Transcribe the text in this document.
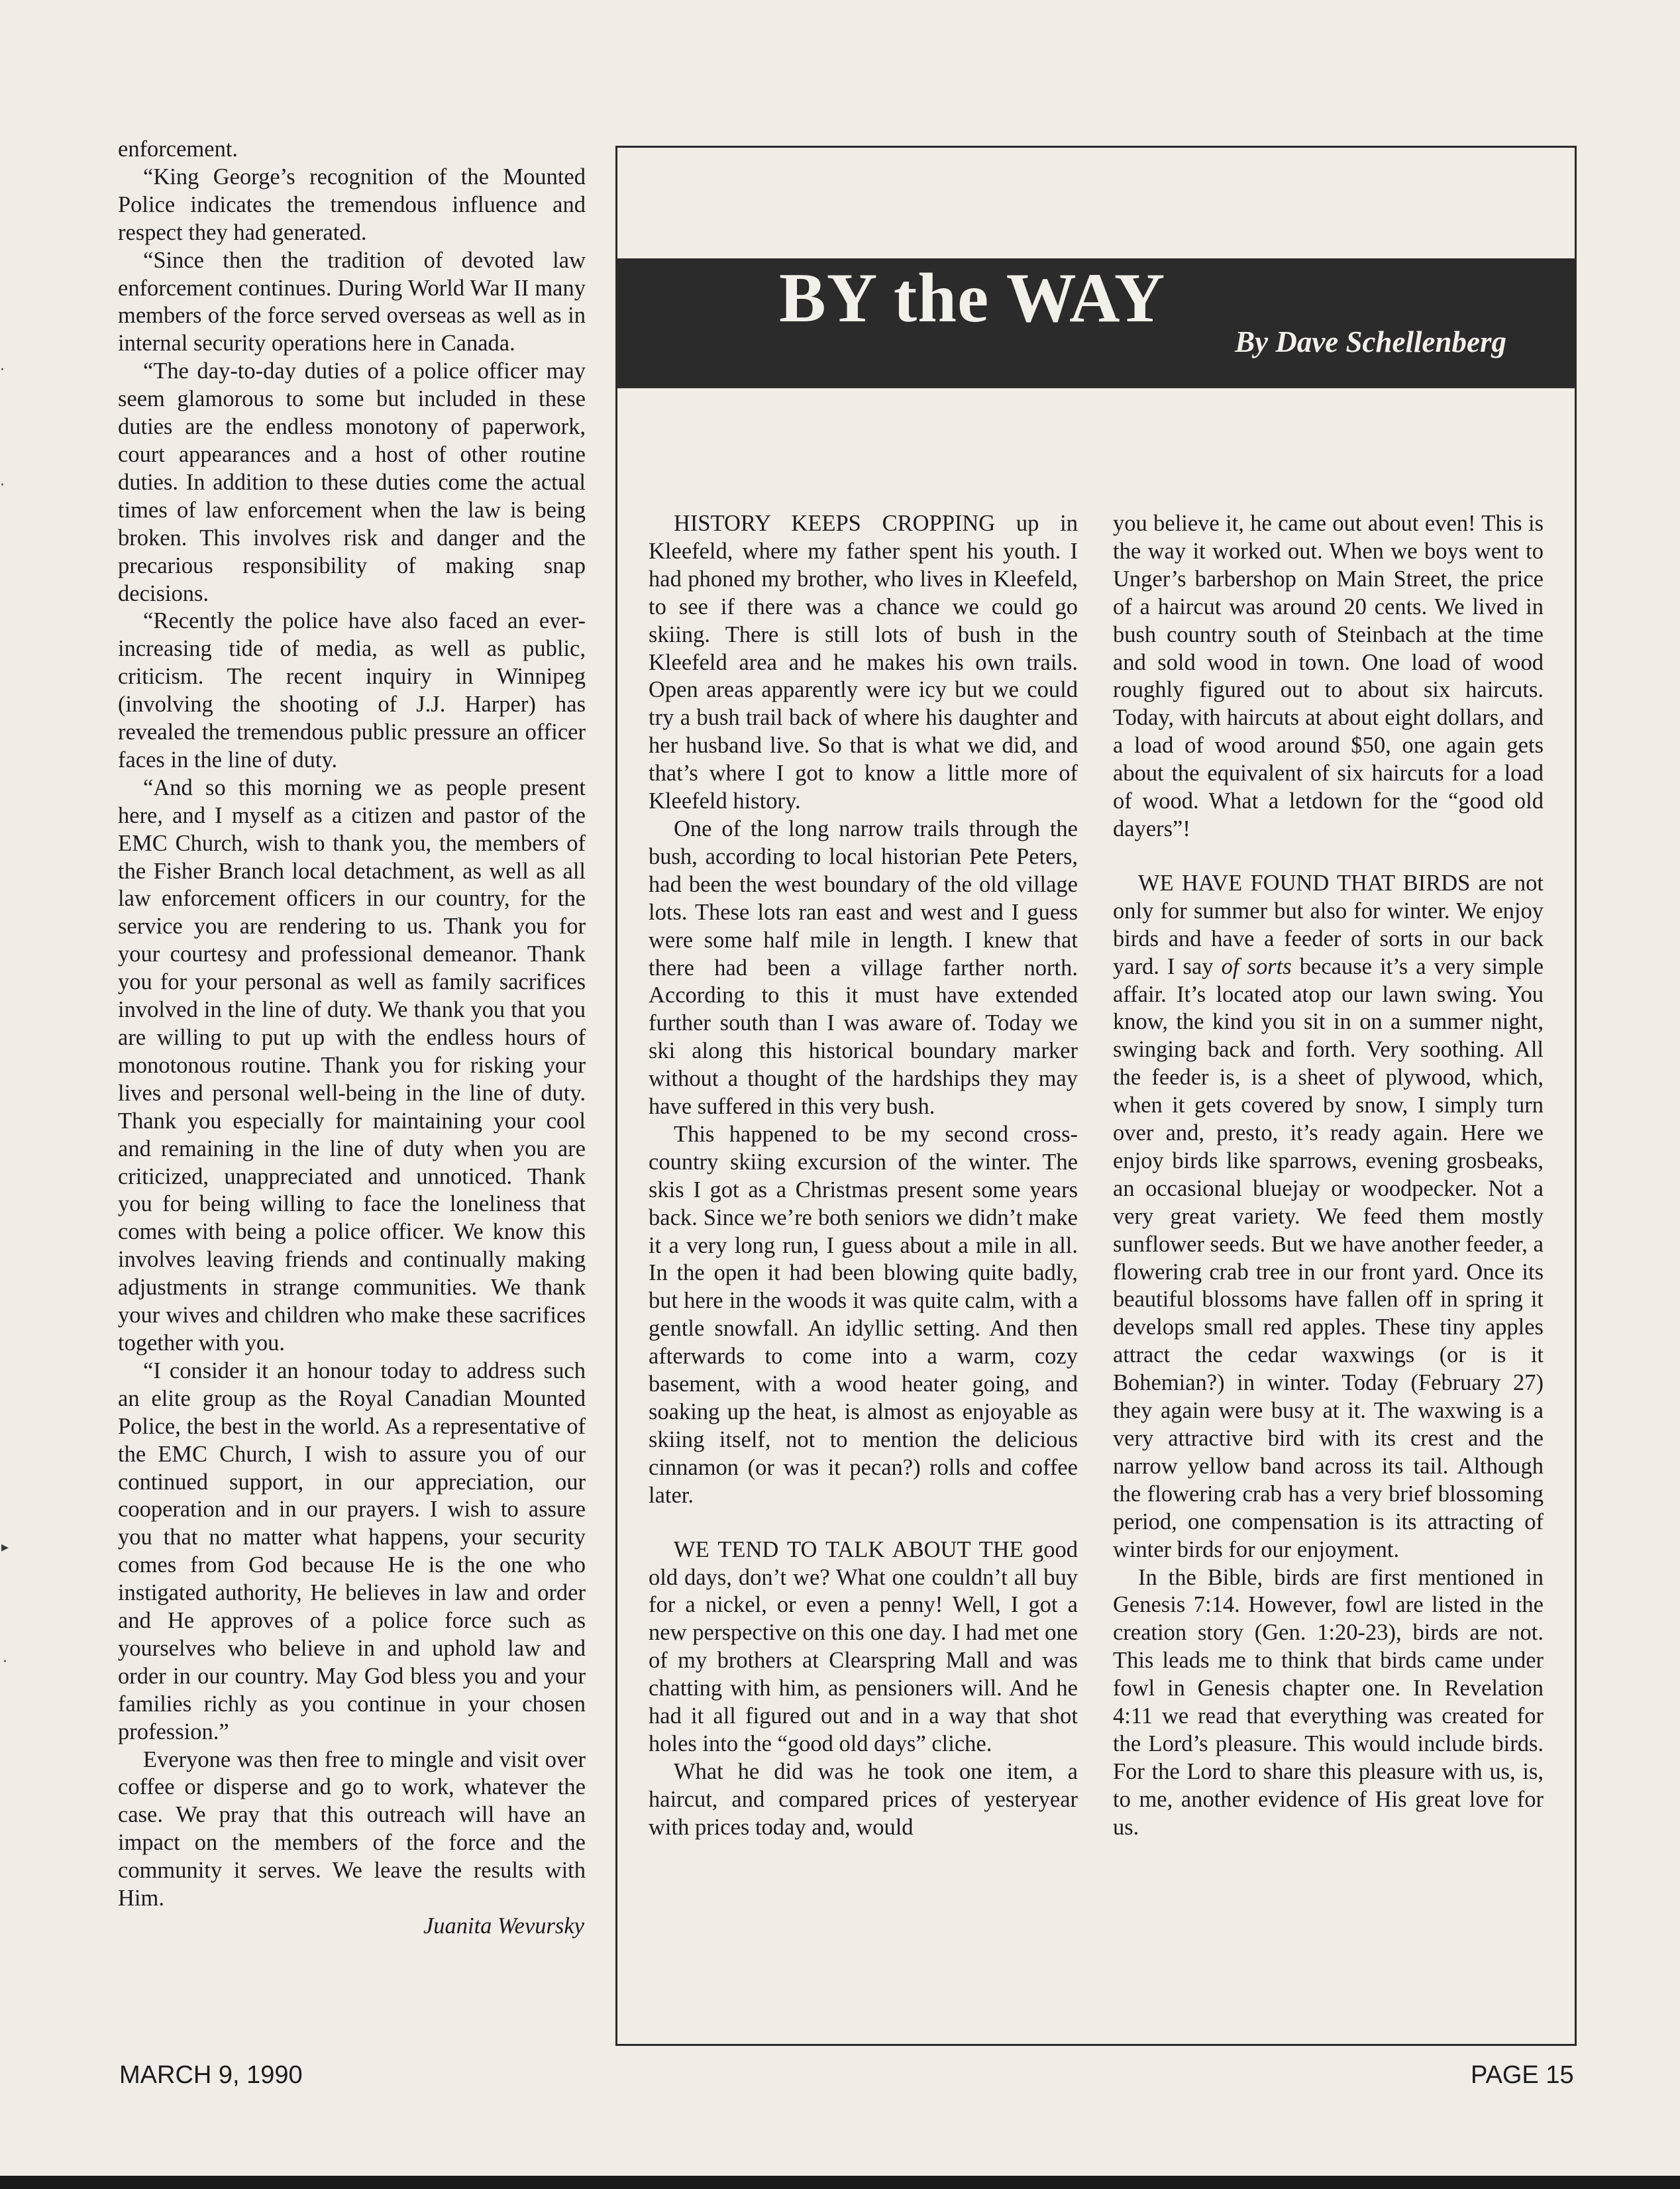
enforcement.

“King George’s recognition of the Mounted Police indicates the tremendous influence and respect they had generated.

“Since then the tradition of devoted law enforcement continues. During World War II many members of the force served overseas as well as in internal security operations here in Canada.

“The day-to-day duties of a police officer may seem glamorous to some but included in these duties are the endless monotony of paperwork, court appearances and a host of other routine duties. In addition to these duties come the actual times of law enforcement when the law is being broken. This involves risk and danger and the precarious responsibility of making snap decisions.

“Recently the police have also faced an ever-increasing tide of media, as well as public, criticism. The recent inquiry in Winnipeg (involving the shooting of J.J. Harper) has revealed the tremendous public pressure an officer faces in the line of duty.

“And so this morning we as people present here, and I myself as a citizen and pastor of the EMC Church, wish to thank you, the members of the Fisher Branch local detachment, as well as all law enforcement officers in our country, for the service you are rendering to us. Thank you for your courtesy and professional demeanor. Thank you for your personal as well as family sacrifices involved in the line of duty. We thank you that you are willing to put up with the endless hours of monotonous routine. Thank you for risking your lives and personal well-being in the line of duty. Thank you especially for maintaining your cool and remaining in the line of duty when you are criticized, unappreciated and unnoticed. Thank you for being willing to face the loneliness that comes with being a police officer. We know this involves leaving friends and continually making adjustments in strange communities. We thank your wives and children who make these sacrifices together with you.

“I consider it an honour today to address such an elite group as the Royal Canadian Mounted Police, the best in the world. As a representative of the EMC Church, I wish to assure you of our continued support, in our appreciation, our cooperation and in our prayers. I wish to assure you that no matter what happens, your security comes from God because He is the one who instigated authority, He believes in law and order and He approves of a police force such as yourselves who believe in and uphold law and order in our country. May God bless you and your families richly as you continue in your chosen profession.”

Everyone was then free to mingle and visit over coffee or disperse and go to work, whatever the case. We pray that this outreach will have an impact on the members of the force and the community it serves. We leave the results with Him.

Juanita Wevursky

BY the WAY
By Dave Schellenberg

HISTORY KEEPS CROPPING up in Kleefeld, where my father spent his youth. I had phoned my brother, who lives in Kleefeld, to see if there was a chance we could go skiing. There is still lots of bush in the Kleefeld area and he makes his own trails. Open areas apparently were icy but we could try a bush trail back of where his daughter and her husband live. So that is what we did, and that’s where I got to know a little more of Kleefeld history.

One of the long narrow trails through the bush, according to local historian Pete Peters, had been the west boundary of the old village lots. These lots ran east and west and I guess were some half mile in length. I knew that there had been a village farther north. According to this it must have extended further south than I was aware of. Today we ski along this historical boundary marker without a thought of the hardships they may have suffered in this very bush.

This happened to be my second cross-country skiing excursion of the winter. The skis I got as a Christmas present some years back. Since we’re both seniors we didn’t make it a very long run, I guess about a mile in all. In the open it had been blowing quite badly, but here in the woods it was quite calm, with a gentle snowfall. An idyllic setting. And then afterwards to come into a warm, cozy basement, with a wood heater going, and soaking up the heat, is almost as enjoyable as skiing itself, not to mention the delicious cinnamon (or was it pecan?) rolls and coffee later.

WE TEND TO TALK ABOUT THE good old days, don’t we? What one couldn’t all buy for a nickel, or even a penny! Well, I got a new perspective on this one day. I had met one of my brothers at Clearspring Mall and was chatting with him, as pensioners will. And he had it all figured out and in a way that shot holes into the “good old days” cliche.

What he did was he took one item, a haircut, and compared prices of yesteryear with prices today and, would

you believe it, he came out about even! This is the way it worked out. When we boys went to Unger’s barbershop on Main Street, the price of a haircut was around 20 cents. We lived in bush country south of Steinbach at the time and sold wood in town. One load of wood roughly figured out to about six haircuts. Today, with haircuts at about eight dollars, and a load of wood around $50, one again gets about the equivalent of six haircuts for a load of wood. What a letdown for the “good old dayers”!

WE HAVE FOUND THAT BIRDS are not only for summer but also for winter. We enjoy birds and have a feeder of sorts in our back yard. I say of sorts because it’s a very simple affair. It’s located atop our lawn swing. You know, the kind you sit in on a summer night, swinging back and forth. Very soothing. All the feeder is, is a sheet of plywood, which, when it gets covered by snow, I simply turn over and, presto, it’s ready again. Here we enjoy birds like sparrows, evening grosbeaks, an occasional bluejay or woodpecker. Not a very great variety. We feed them mostly sunflower seeds. But we have another feeder, a flowering crab tree in our front yard. Once its beautiful blossoms have fallen off in spring it develops small red apples. These tiny apples attract the cedar waxwings (or is it Bohemian?) in winter. Today (February 27) they again were busy at it. The waxwing is a very attractive bird with its crest and the narrow yellow band across its tail. Although the flowering crab has a very brief blossoming period, one compensation is its attracting of winter birds for our enjoyment.

In the Bible, birds are first mentioned in Genesis 7:14. However, fowl are listed in the creation story (Gen. 1:20-23), birds are not. This leads me to think that birds came under fowl in Genesis chapter one. In Revelation 4:11 we read that everything was created for the Lord’s pleasure. This would include birds. For the Lord to share this pleasure with us, is, to me, another evidence of His great love for us.

MARCH 9, 1990	PAGE 15
·
·
▸
·
